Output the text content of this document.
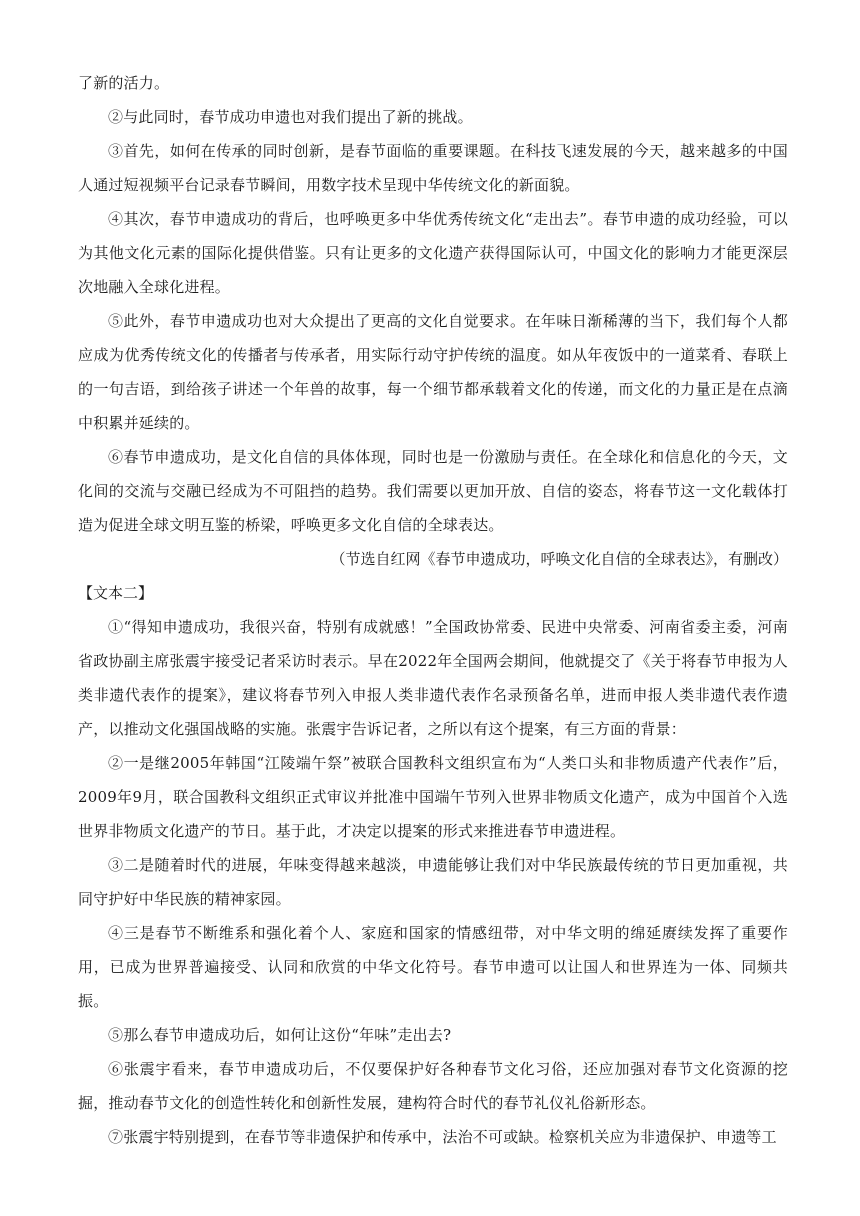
了新的活力。

②与此同时，春节成功申遗也对我们提出了新的挑战。

③首先，如何在传承的同时创新，是春节面临的重要课题。在科技飞速发展的今天，越来越多的中国人通过短视频平台记录春节瞬间，用数字技术呈现中华传统文化的新面貌。

④其次，春节申遗成功的背后，也呼唤更多中华优秀传统文化“走出去”。春节申遗的成功经验，可以为其他文化元素的国际化提供借鉴。只有让更多的文化遗产获得国际认可，中国文化的影响力才能更深层次地融入全球化进程。

⑤此外，春节申遗成功也对大众提出了更高的文化自觉要求。在年味日渐稀薄的当下，我们每个人都应成为优秀传统文化的传播者与传承者，用实际行动守护传统的温度。如从年夜饭中的一道菜肴、春联上的一句吉语，到给孩子讲述一个年兽的故事，每一个细节都承载着文化的传递，而文化的力量正是在点滴中积累并延续的。

⑥春节申遗成功，是文化自信的具体体现，同时也是一份激励与责任。在全球化和信息化的今天，文化间的交流与交融已经成为不可阻挡的趋势。我们需要以更加开放、自信的姿态，将春节这一文化载体打造为促进全球文明互鉴的桥梁，呼唤更多文化自信的全球表达。

（节选自红网《春节申遗成功，呼唤文化自信的全球表达》，有删改）

【文本二】

①“得知申遗成功，我很兴奋，特别有成就感！”全国政协常委、民进中央常委、河南省委主委，河南省政协副主席张震宇接受记者采访时表示。早在2022年全国两会期间，他就提交了《关于将春节申报为人类非遗代表作的提案》，建议将春节列入申报人类非遗代表作名录预备名单，进而申报人类非遗代表作遗产，以推动文化强国战略的实施。张震宇告诉记者，之所以有这个提案，有三方面的背景：

②一是继2005年韩国“江陵端午祭”被联合国教科文组织宣布为“人类口头和非物质遗产代表作”后，2009年9月，联合国教科文组织正式审议并批准中国端午节列入世界非物质文化遗产，成为中国首个入选世界非物质文化遗产的节日。基于此，才决定以提案的形式来推进春节申遗进程。

③二是随着时代的进展，年味变得越来越淡，申遗能够让我们对中华民族最传统的节日更加重视，共同守护好中华民族的精神家园。

④三是春节不断维系和强化着个人、家庭和国家的情感纽带，对中华文明的绵延赓续发挥了重要作用，已成为世界普遍接受、认同和欣赏的中华文化符号。春节申遗可以让国人和世界连为一体、同频共振。

⑤那么春节申遗成功后，如何让这份“年味”走出去?

⑥张震宇看来，春节申遗成功后，不仅要保护好各种春节文化习俗，还应加强对春节文化资源的挖掘，推动春节文化的创造性转化和创新性发展，建构符合时代的春节礼仪礼俗新形态。

⑦张震宇特别提到，在春节等非遗保护和传承中，法治不可或缺。检察机关应为非遗保护、申遗等工
